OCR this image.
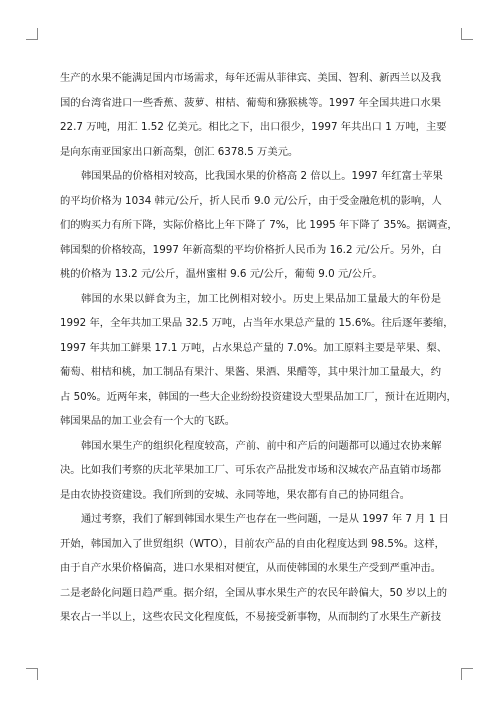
生产的水果不能满足国内市场需求，每年还需从菲律宾、美国、智利、新西兰以及我
国的台湾省进口一些香蕉、菠萝、柑桔、葡萄和猕猴桃等。1997 年全国共进口水果
22.7 万吨，用汇 1.52 亿美元。相比之下，出口很少，1997 年共出口 1 万吨，主要
是向东南亚国家出口新高梨，创汇 6378.5 万美元。
韩国果品的价格相对较高，比我国水果的价格高 2 倍以上。1997 年红富士苹果
的平均价格为 1034 韩元/公斤，折人民币 9.0 元/公斤，由于受金融危机的影响，人
们的购买力有所下降，实际价格比上年下降了 7%，比 1995 年下降了 35%。据调查，
韩国梨的价格较高，1997 年新高梨的平均价格折人民币为 16.2 元/公斤。另外，白
桃的价格为 13.2 元/公斤，温州蜜柑 9.6 元/公斤，葡萄 9.0 元/公斤。
韩国的水果以鲜食为主，加工比例相对较小。历史上果品加工量最大的年份是
1992 年，全年共加工果品 32.5 万吨，占当年水果总产量的 15.6%。往后逐年萎缩，
1997 年共加工鲜果 17.1 万吨，占水果总产量的 7.0%。加工原料主要是苹果、梨、
葡萄、柑桔和桃，加工制品有果汁、果酱、果酒、果醋等，其中果汁加工量最大，约
占 50%。近两年来，韩国的一些大企业纷纷投资建设大型果品加工厂，预计在近期内，
韩国果品的加工业会有一个大的飞跃。
韩国水果生产的组织化程度较高，产前、前中和产后的问题都可以通过农协来解
决。比如我们考察的庆北苹果加工厂、可乐农产品批发市场和汉城农产品直销市场都
是由农协投资建设。我们所到的安城、永同等地，果农都有自己的协同组合。
通过考察，我们了解到韩国水果生产也存在一些问题，一是从 1997 年 7 月 1 日
开始，韩国加入了世贸组织（WTO），目前农产品的自由化程度达到 98.5%。这样，
由于自产水果价格偏高，进口水果相对便宜，从而使韩国的水果生产受到严重冲击。
二是老龄化问题日趋严重。据介绍，全国从事水果生产的农民年龄偏大，50 岁以上的
果农占一半以上，这些农民文化程度低，不易接受新事物，从而制约了水果生产新技
